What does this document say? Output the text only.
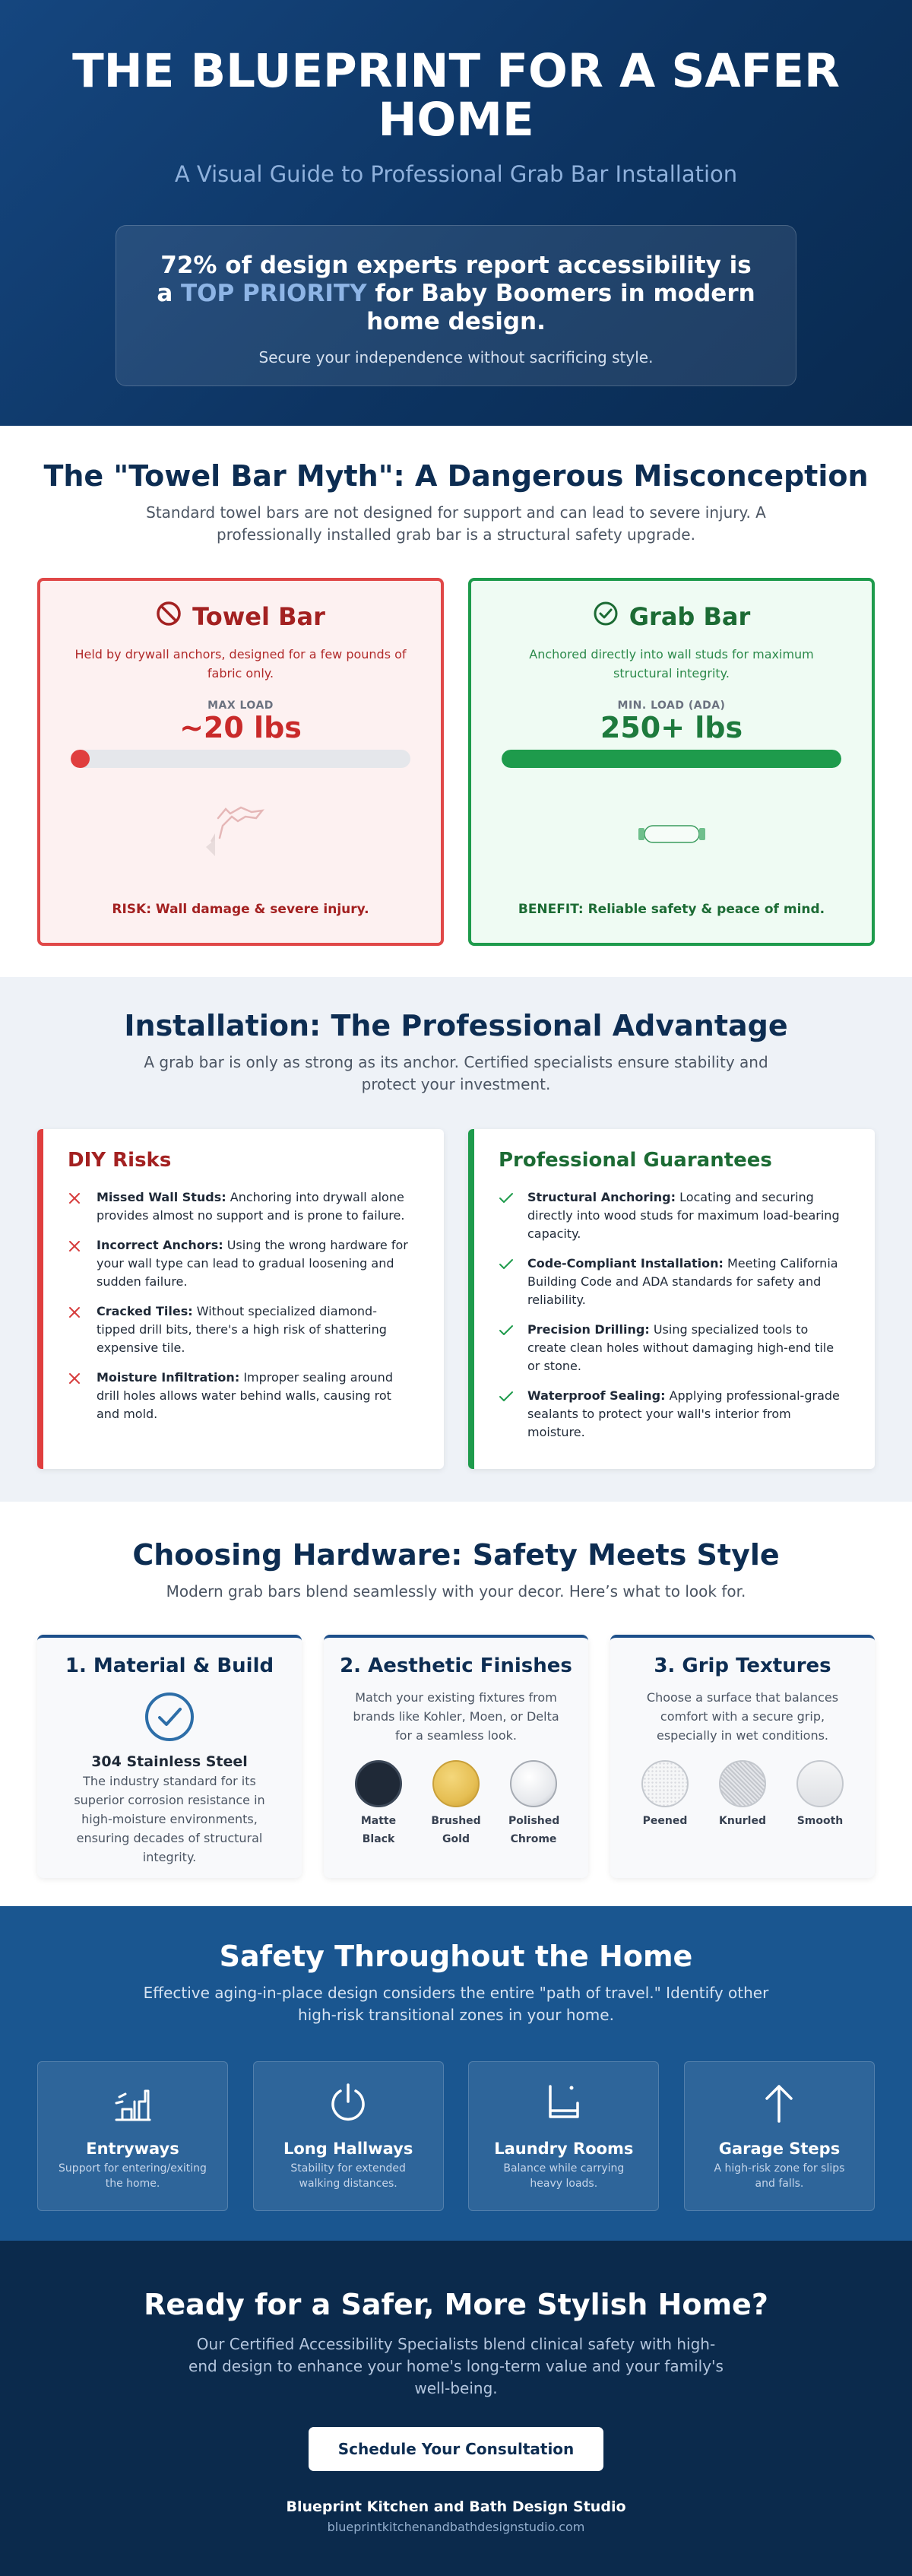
THE BLUEPRINT FOR A SAFER HOME
A Visual Guide to Professional Grab Bar Installation
72% of design experts report accessibility is a TOP PRIORITY for Baby Boomers in modern home design.
Secure your independence without sacrificing style.
The "Towel Bar Myth": A Dangerous Misconception

Standard towel bars are not designed for support and can lead to severe injury. A professionally installed grab bar is a structural safety upgrade.

Towel Bar

Held by drywall anchors, designed for a few pounds of fabric only.

MAX LOAD
~20 lbs
RISK: Wall damage & severe injury.
Grab Bar

Anchored directly into wall studs for maximum structural integrity.

MIN. LOAD (ADA)
250+ lbs
BENEFIT: Reliable safety & peace of mind.
Installation: The Professional Advantage

A grab bar is only as strong as its anchor. Certified specialists ensure stability and protect your investment.

DIY Risks
Missed Wall Studs: Anchoring into drywall alone provides almost no support and is prone to failure.
Incorrect Anchors: Using the wrong hardware for your wall type can lead to gradual loosening and sudden failure.
Cracked Tiles: Without specialized diamond-tipped drill bits, there's a high risk of shattering expensive tile.
Moisture Infiltration: Improper sealing around drill holes allows water behind walls, causing rot and mold.
Professional Guarantees
Structural Anchoring: Locating and securing directly into wood studs for maximum load-bearing capacity.
Code-Compliant Installation: Meeting California Building Code and ADA standards for safety and reliability.
Precision Drilling: Using specialized tools to create clean holes without damaging high-end tile or stone.
Waterproof Sealing: Applying professional-grade sealants to protect your wall's interior from moisture.
Choosing Hardware: Safety Meets Style

Modern grab bars blend seamlessly with your decor. Here’s what to look for.

1. Material & Build
304 Stainless Steel
The industry standard for its superior corrosion resistance in high-moisture environments, ensuring decades of structural integrity.
2. Aesthetic Finishes
Match your existing fixtures from brands like Kohler, Moen, or Delta for a seamless look.
Matte Black
Brushed Gold
Polished Chrome
3. Grip Textures
Choose a surface that balances comfort with a secure grip, especially in wet conditions.
Peened	Knurled	Smooth
Safety Throughout the Home

Effective aging-in-place design considers the entire "path of travel." Identify other high-risk transitional zones in your home.

Entryways

Support for entering/exiting the home.

Long Hallways

Stability for extended walking distances.

Laundry Rooms

Balance while carrying heavy loads.

Garage Steps

A high-risk zone for slips and falls.

Ready for a Safer, More Stylish Home?

Our Certified Accessibility Specialists blend clinical safety with high-end design to enhance your home's long-term value and your family's well-being.

Schedule Your Consultation
Blueprint Kitchen and Bath Design Studio
blueprintkitchenandbathdesignstudio.com
